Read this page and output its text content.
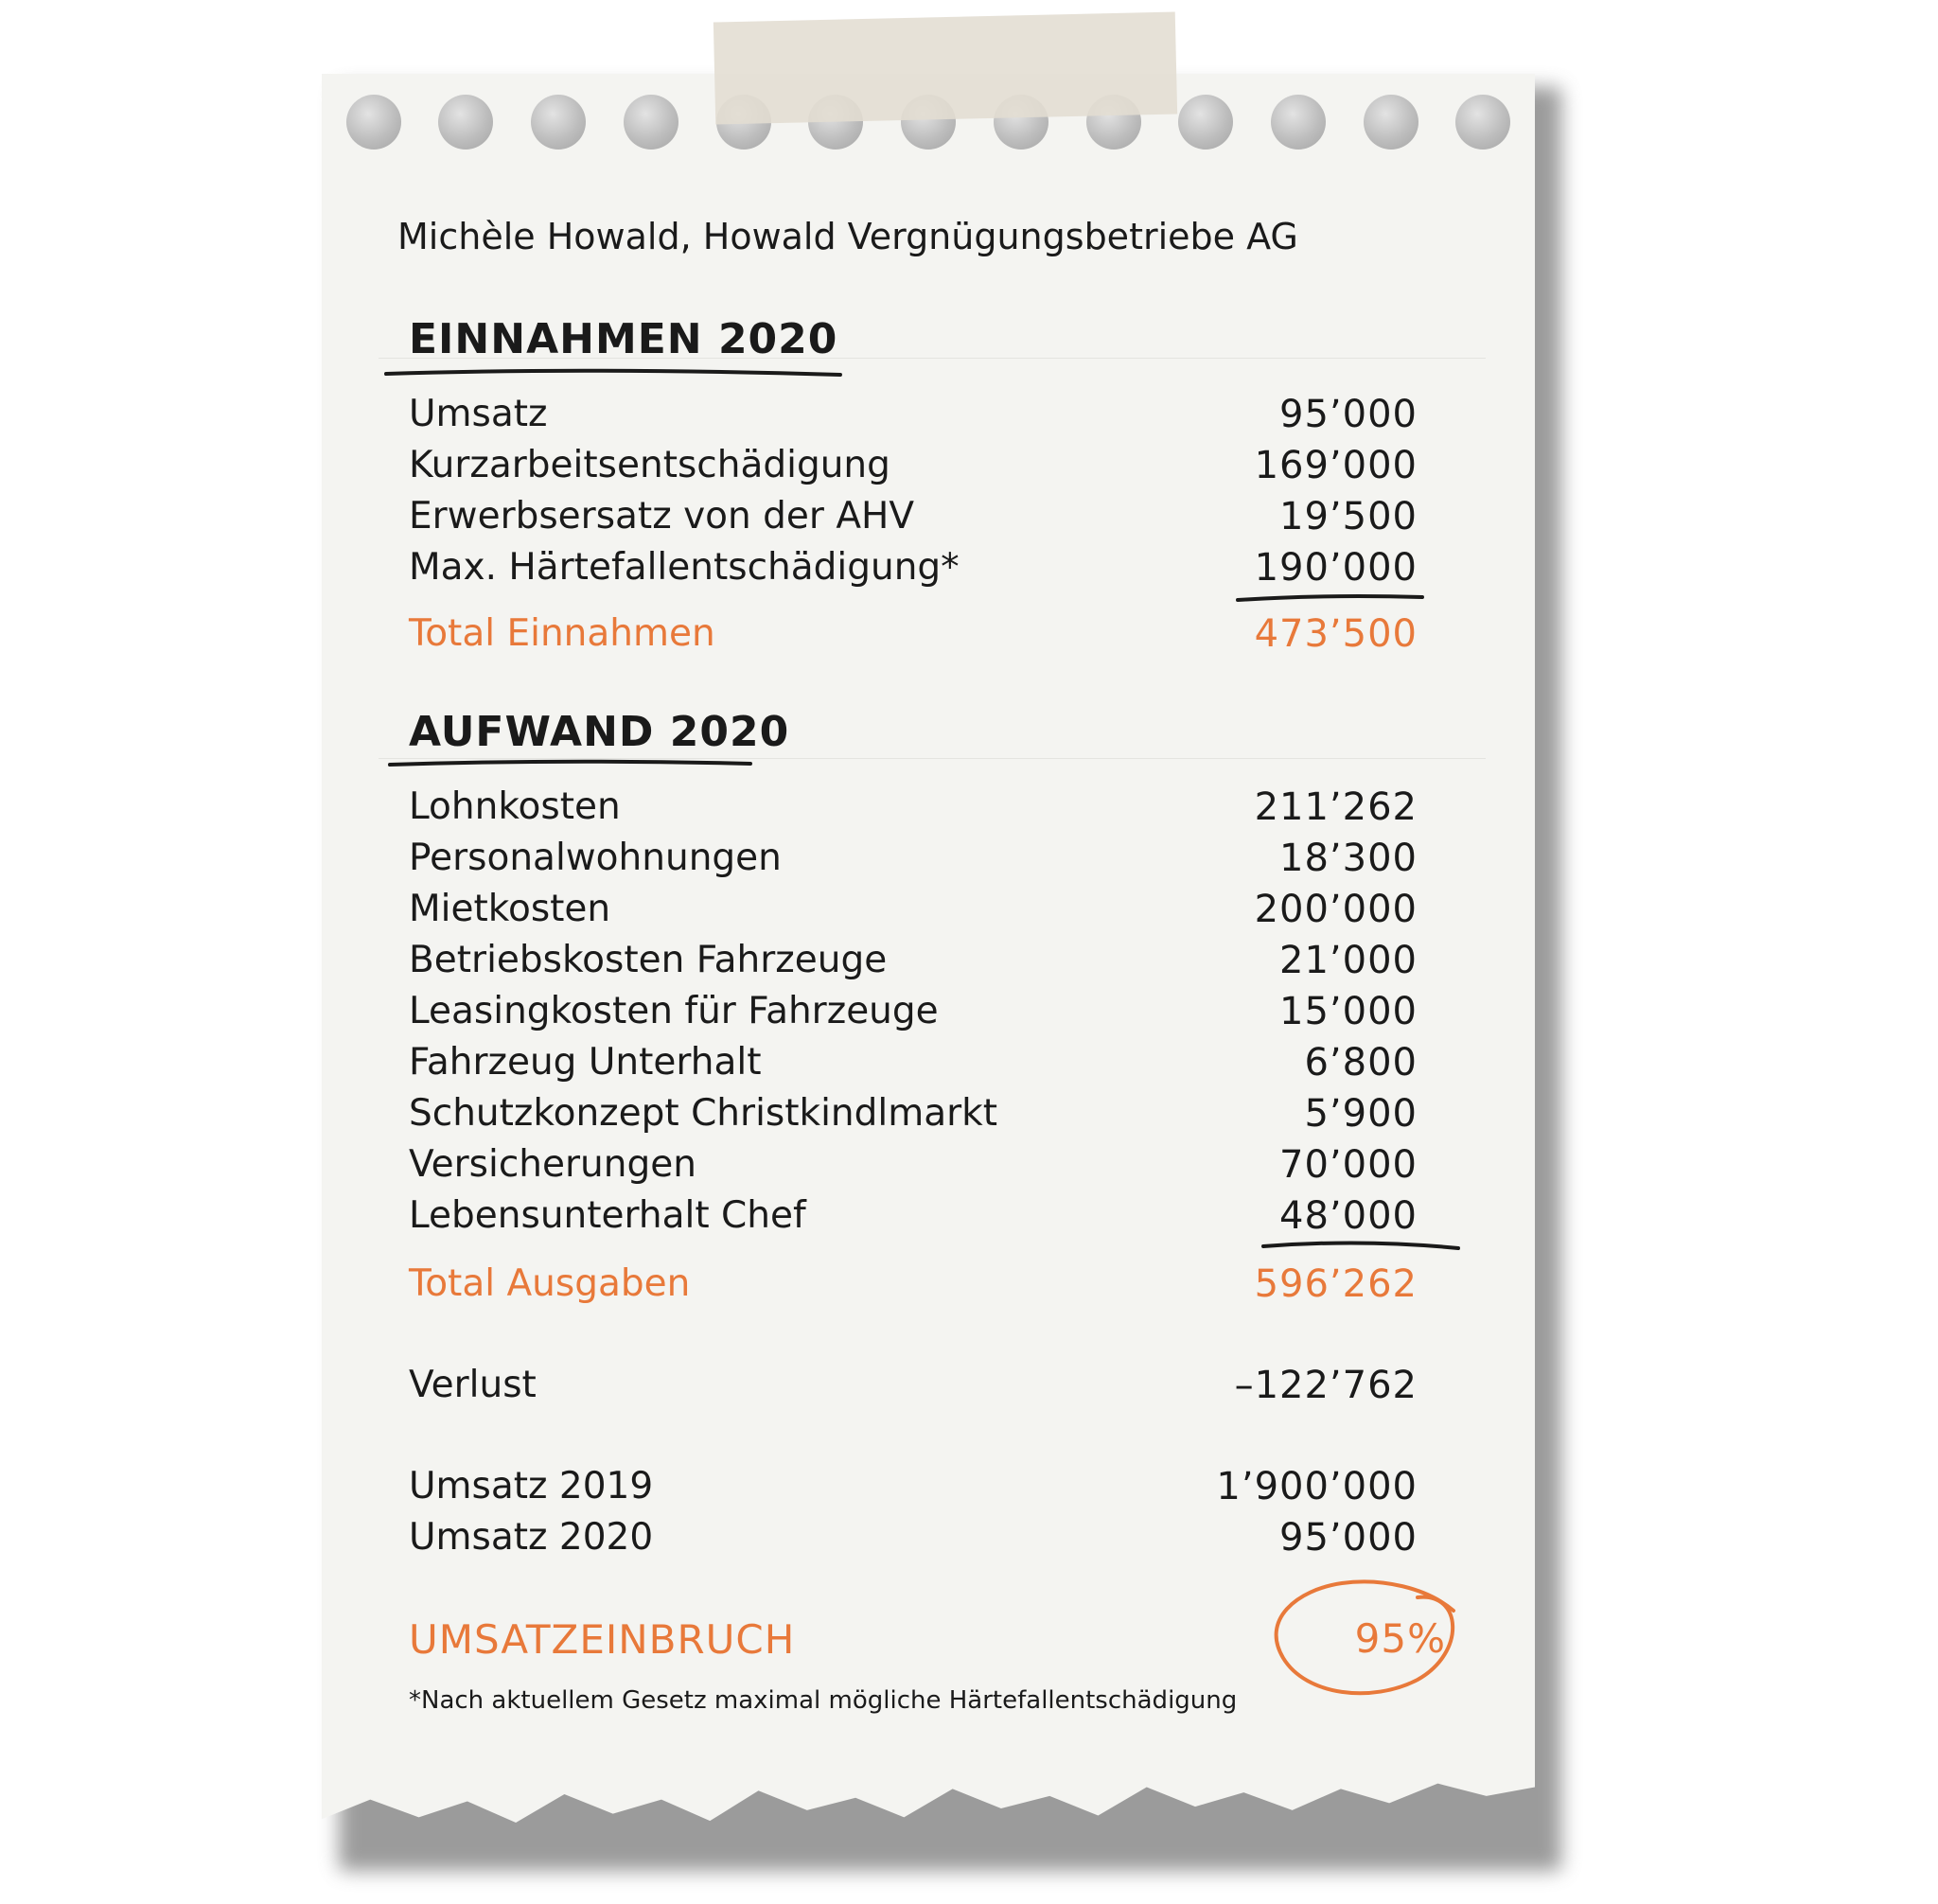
Michèle Howald, Howald Vergnügungsbetriebe AG
EINNAHMEN 2020
Umsatz	95’000
Kurzarbeitsentschädigung	169’000
Erwerbsersatz von der AHV	19’500
Max. Härtefallentschädigung*	190’000
Total Einnahmen	473’500
AUFWAND 2020
Lohnkosten	211’262
Personalwohnungen	18’300
Mietkosten	200’000
Betriebskosten Fahrzeuge	21’000
Leasingkosten für Fahrzeuge	15’000
Fahrzeug Unterhalt	6’800
Schutzkonzept Christkindlmarkt	5’900
Versicherungen	70’000
Lebensunterhalt Chef	48’000
Total Ausgaben	596’262
Verlust	–122’762
Umsatz 2019	1’900’000
Umsatz 2020	95’000
UMSATZEINBRUCH	95%
*Nach aktuellem Gesetz maximal mögliche Härtefallentschädigung
